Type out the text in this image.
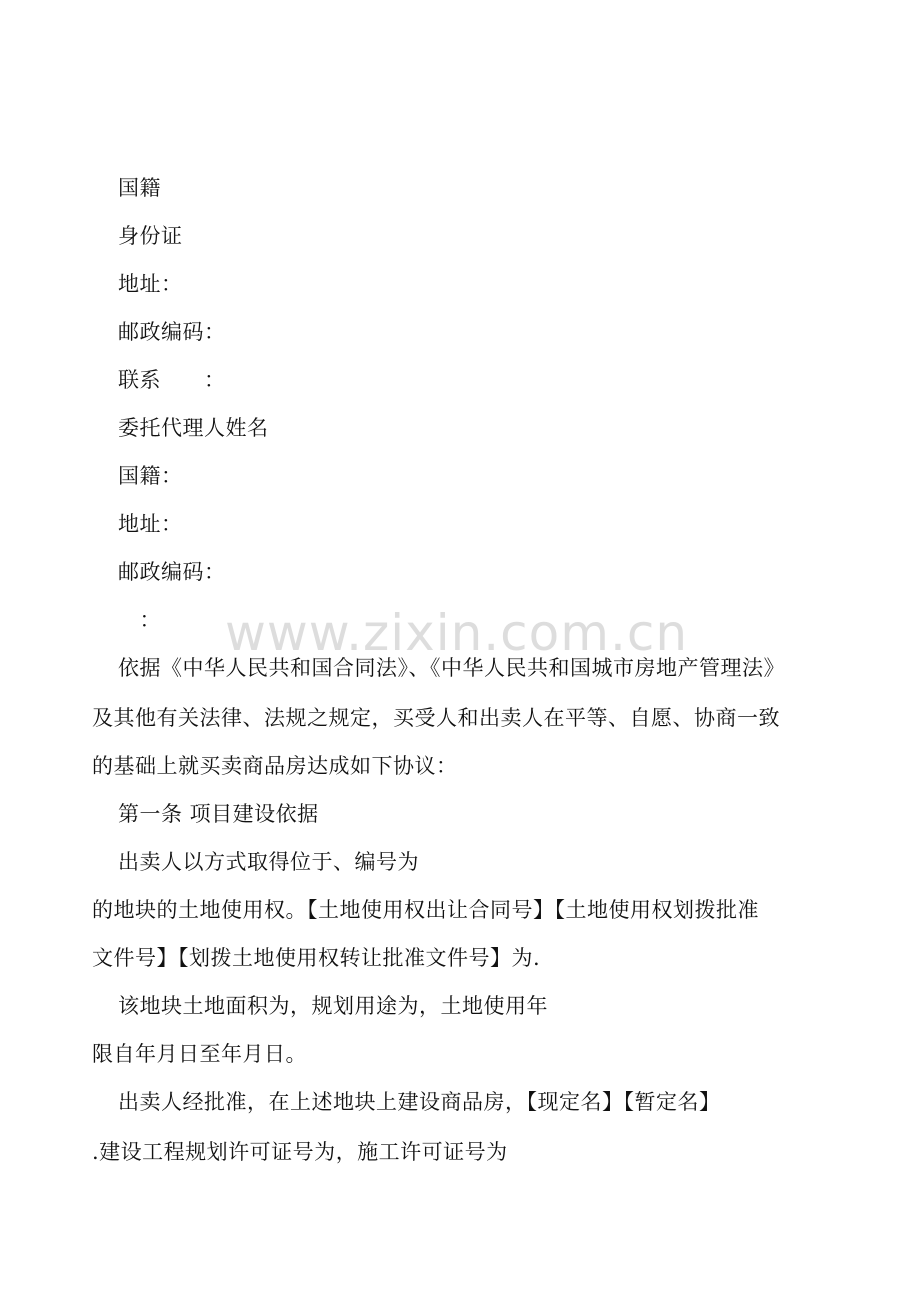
国籍
身份证
地址：
邮政编码：
联系      ：
委托代理人姓名
国籍：
地址：
邮政编码：
：	www.zixin.com.cn
依据《中华人民共和国合同法》、《中华人民共和国城市房地产管理法》
及其他有关法律、法规之规定，买受人和出卖人在平等、自愿、协商一致
的基础上就买卖商品房达成如下协议：
第一条 项目建设依据
出卖人以方式取得位于、编号为
的地块的土地使用权。【土地使用权出让合同号】【土地使用权划拨批准
文件号】【划拨土地使用权转让批准文件号】为.
该地块土地面积为，规划用途为，土地使用年
限自年月日至年月日。
出卖人经批准，在上述地块上建设商品房，【现定名】【暂定名】
.建设工程规划许可证号为，施工许可证号为
